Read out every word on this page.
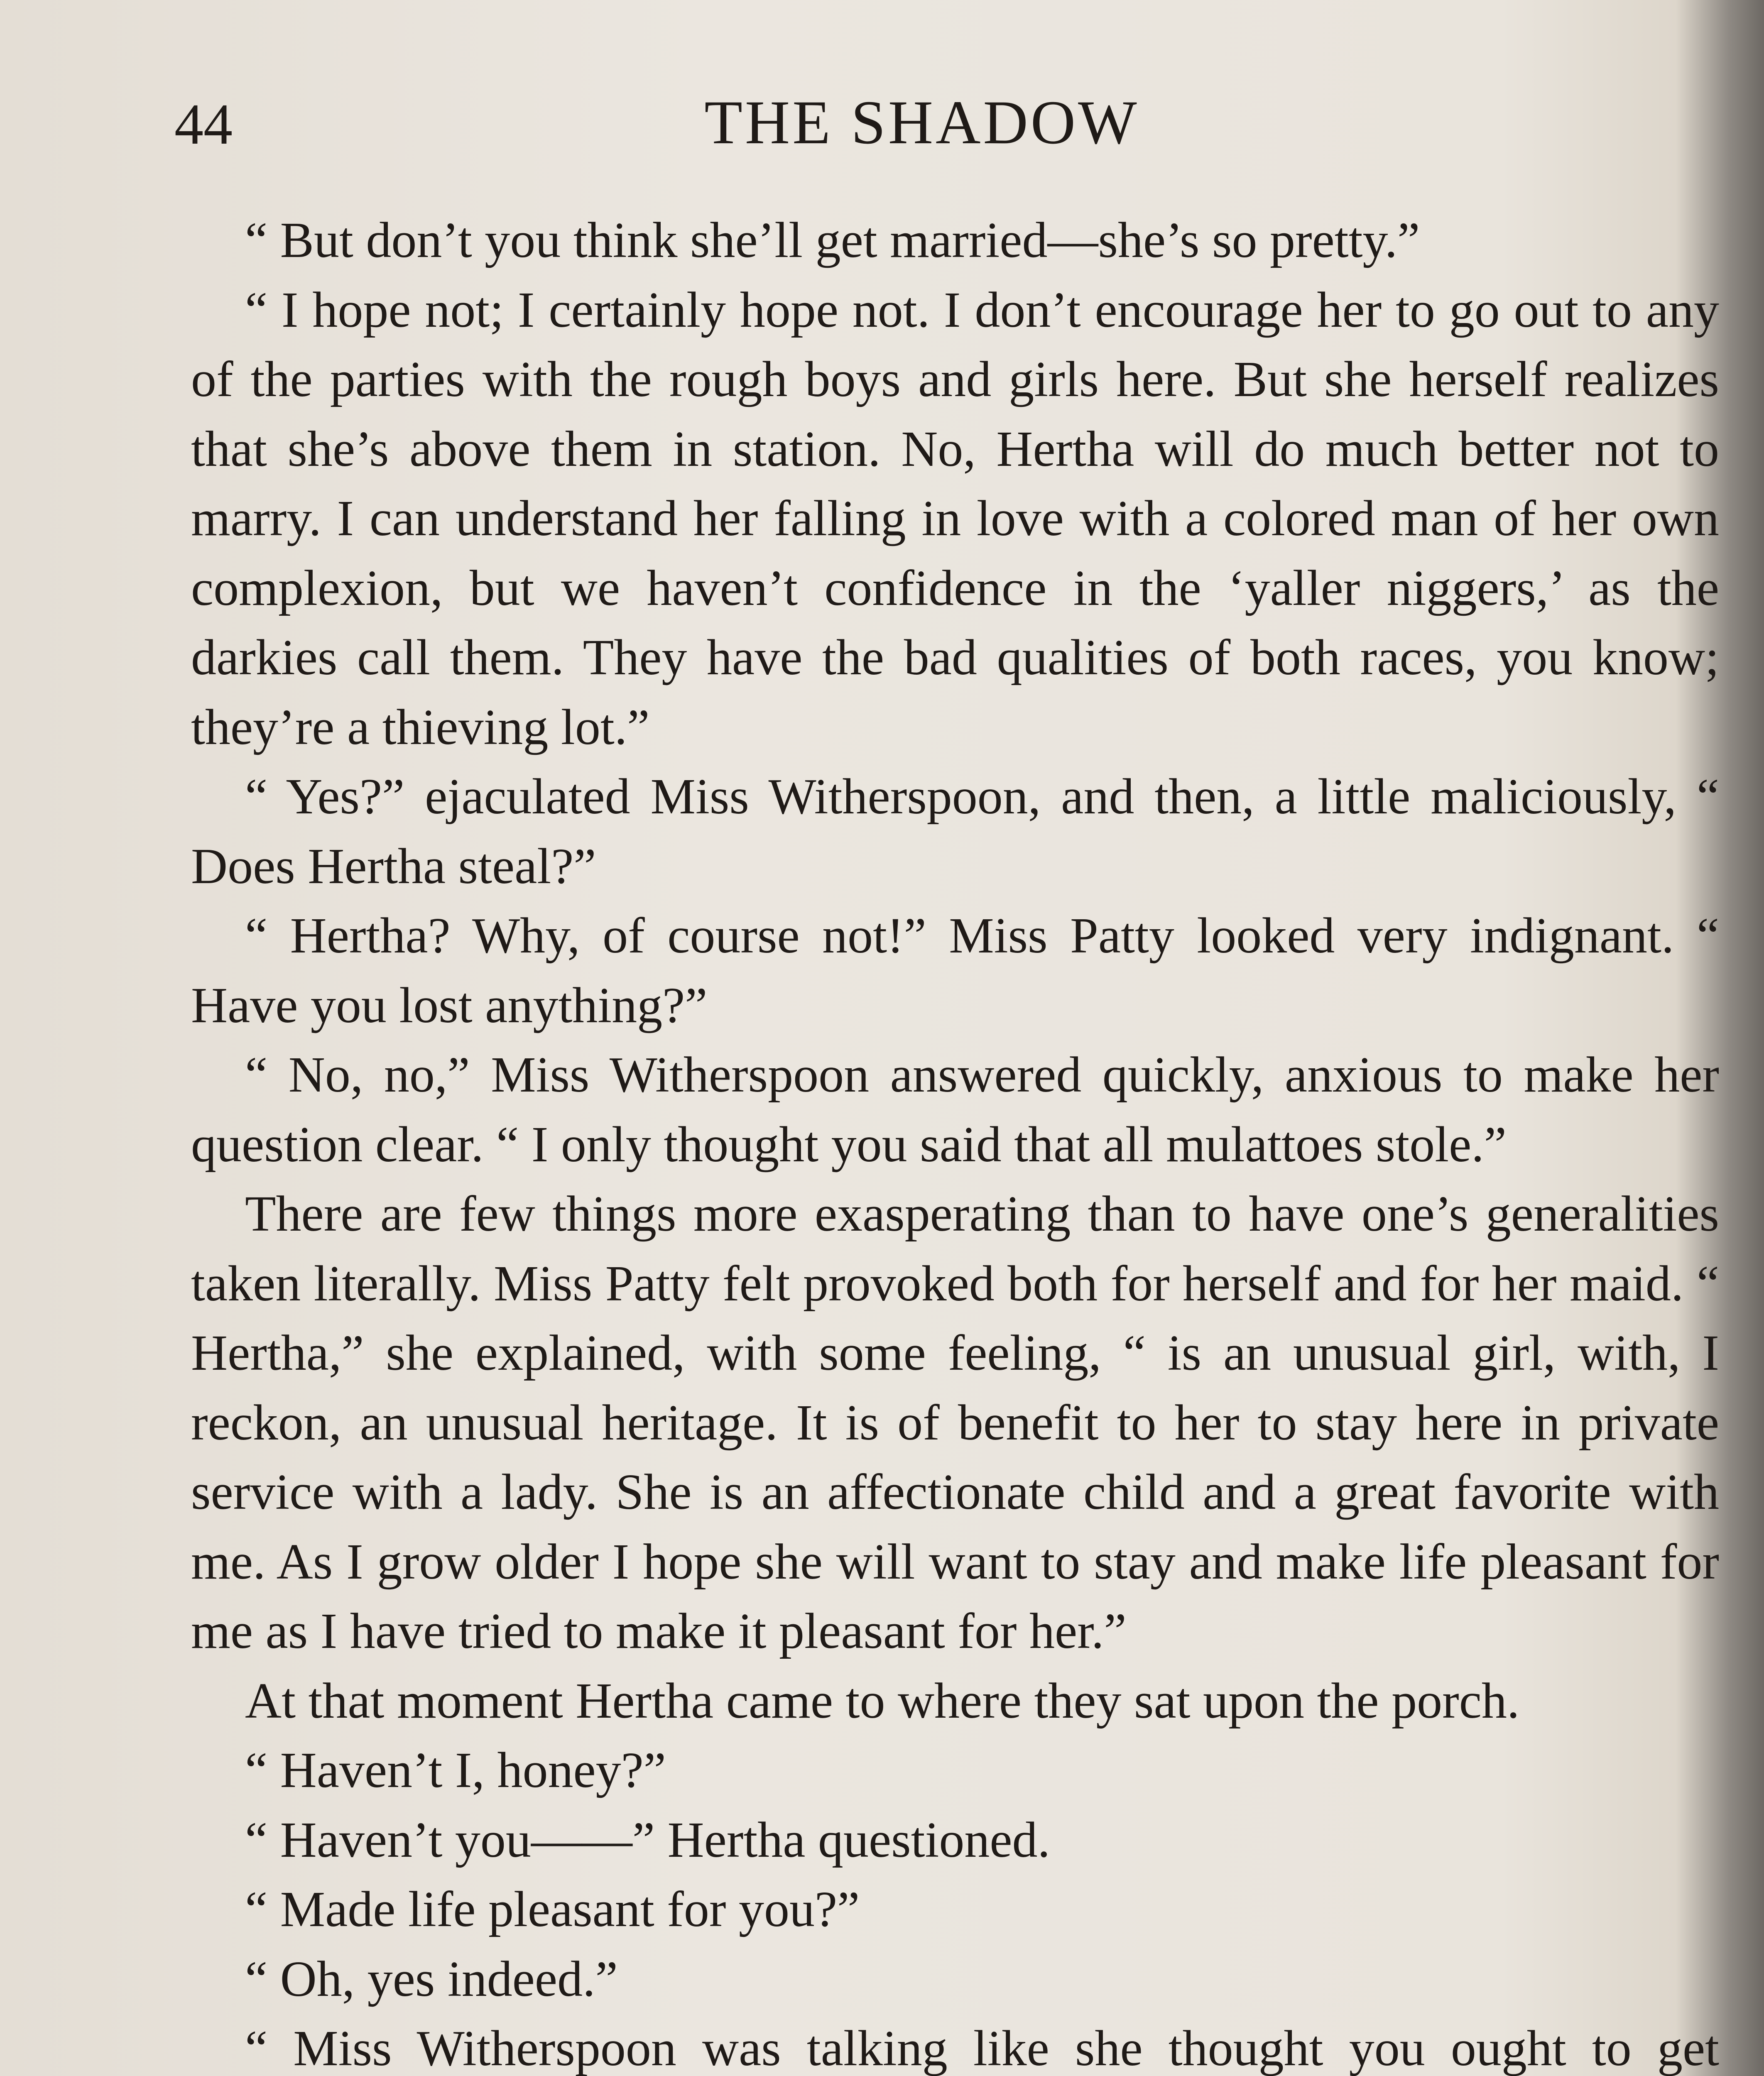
44	THE SHADOW

“ But don’t you think she’ll get married—she’s so pretty.”

“ I hope not; I certainly hope not. I don’t encourage her to go out to any of the parties with the rough boys and girls here. But she herself realizes that she’s above them in station. No, Hertha will do much better not to marry. I can understand her falling in love with a colored man of her own complexion, but we haven’t confidence in the ‘yaller niggers,’ as the darkies call them. They have the bad qualities of both races, you know; they’re a thieving lot.”

“ Yes?” ejaculated Miss Witherspoon, and then, a little maliciously, “ Does Hertha steal?”

“ Hertha? Why, of course not!” Miss Patty looked very indignant. “ Have you lost anything?”

“ No, no,” Miss Witherspoon answered quickly, anxious to make her question clear. “ I only thought you said that all mulattoes stole.”

There are few things more exasperating than to have one’s generalities taken literally. Miss Patty felt provoked both for herself and for her maid. “ Hertha,” she explained, with some feeling, “ is an unusual girl, with, I reckon, an unusual heritage. It is of benefit to her to stay here in private service with a lady. She is an affectionate child and a great favorite with me. As I grow older I hope she will want to stay and make life pleasant for me as I have tried to make it pleasant for her.”

At that moment Hertha came to where they sat upon the porch.

“ Haven’t I, honey?”

“ Haven’t you——” Hertha questioned.

“ Made life pleasant for you?”

“ Oh, yes indeed.”

“ Miss Witherspoon was talking like she thought you ought to get
